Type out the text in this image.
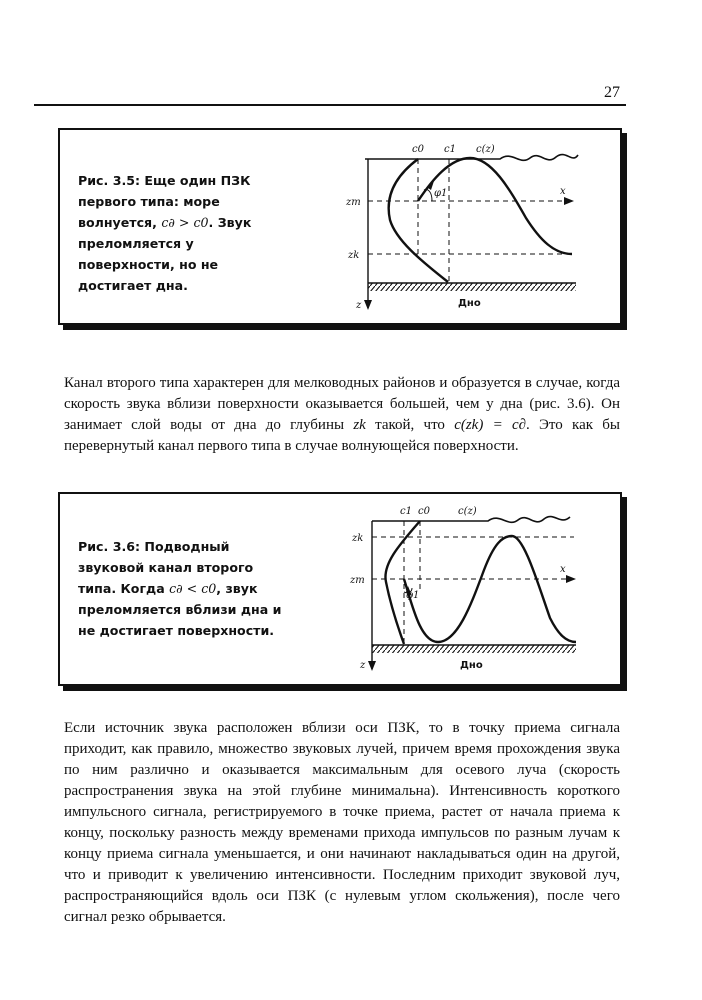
27
Рис. 3.5: Еще один ПЗК первого типа: море волнуется, c∂ > c0. Звук преломляется у поверхности, но не достигает дна.
c0 c1 c(z)
φ1	x
zm
zk
z	Дно

Канал второго типа характерен для мелководных районов и образуется в случае, когда скорость звука вблизи поверхности оказывается большей, чем у дна (рис. 3.6). Он занимает слой воды от дна до глубины zk такой, что c(zk) = c∂. Это как бы перевернутый канал первого типа в случае волнующейся поверхности.

Рис. 3.6: Подводный звуковой канал второго типа. Когда c∂ < c0, звук преломляется вблизи дна и не достигает поверхности.
c1 c0	c(z)
φ1
x
zk
zm
z	Дно

Если источник звука расположен вблизи оси ПЗК, то в точку приема сигнала приходит, как правило, множество звуковых лучей, причем время прохождения звука по ним различно и оказывается максимальным для осевого луча (скорость распространения звука на этой глубине минимальна). Интенсивность короткого импульсного сигнала, регистрируемого в точке приема, растет от начала приема к концу, поскольку разность между временами прихода импульсов по разным лучам к концу приема сигнала уменьшается, и они начинают накладываться один на другой, что и приводит к увеличению интенсивности. Последним приходит звуковой луч, распространяющийся вдоль оси ПЗК (с нулевым углом скольжения), после чего сигнал резко обрывается.
